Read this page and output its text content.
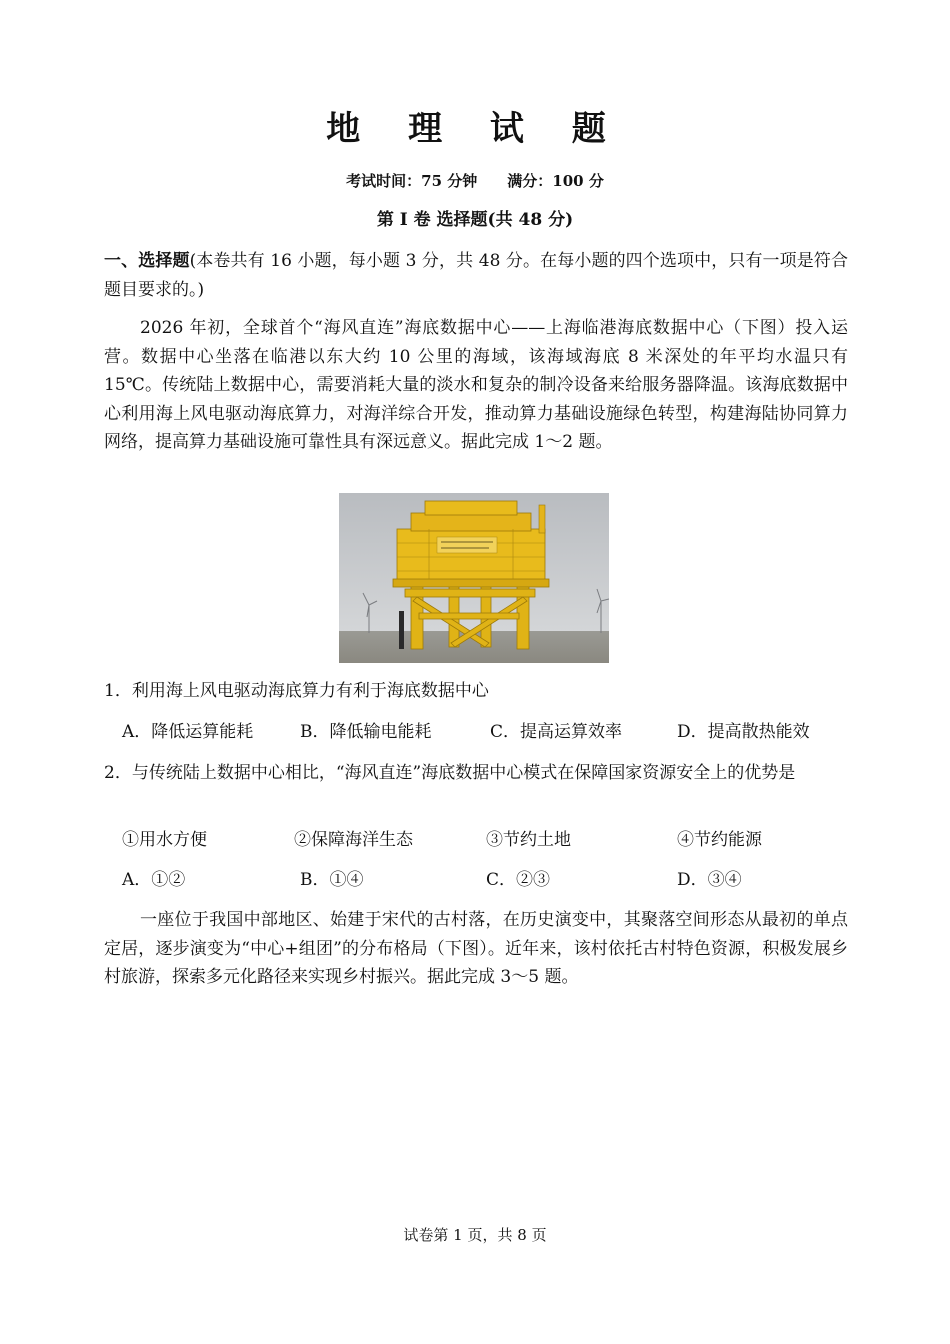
地 理 试 题
考试时间：75 分钟 满分：100 分
第 I 卷 选择题(共 48 分)
一、选择题(本卷共有 16 小题，每小题 3 分，共 48 分。在每小题的四个选项中，只有一项是符合题目要求的。)
2026 年初，全球首个“海风直连”海底数据中心——上海临港海底数据中心（下图）投入运营。数据中心坐落在临港以东大约 10 公里的海域，该海域海底 8 米深处的年平均水温只有 15℃。传统陆上数据中心，需要消耗大量的淡水和复杂的制冷设备来给服务器降温。该海底数据中心利用海上风电驱动海底算力，对海洋综合开发，推动算力基础设施绿色转型，构建海陆协同算力网络，提高算力基础设施可靠性具有深远意义。据此完成 1～2 题。
1．利用海上风电驱动海底算力有利于海底数据中心
A．降低运算能耗	B．降低输电能耗	C．提高运算效率	D．提高散热能效
2．与传统陆上数据中心相比，“海风直连”海底数据中心模式在保障国家资源安全上的优势是
①用水方便	②保障海洋生态	③节约土地	④节约能源
A．①②	B．①④	C．②③	D．③④
一座位于我国中部地区、始建于宋代的古村落，在历史演变中，其聚落空间形态从最初的单点定居，逐步演变为“中心+组团”的分布格局（下图）。近年来，该村依托古村特色资源，积极发展乡村旅游，探索多元化路径来实现乡村振兴。据此完成 3～5 题。
试卷第 1 页，共 8 页
